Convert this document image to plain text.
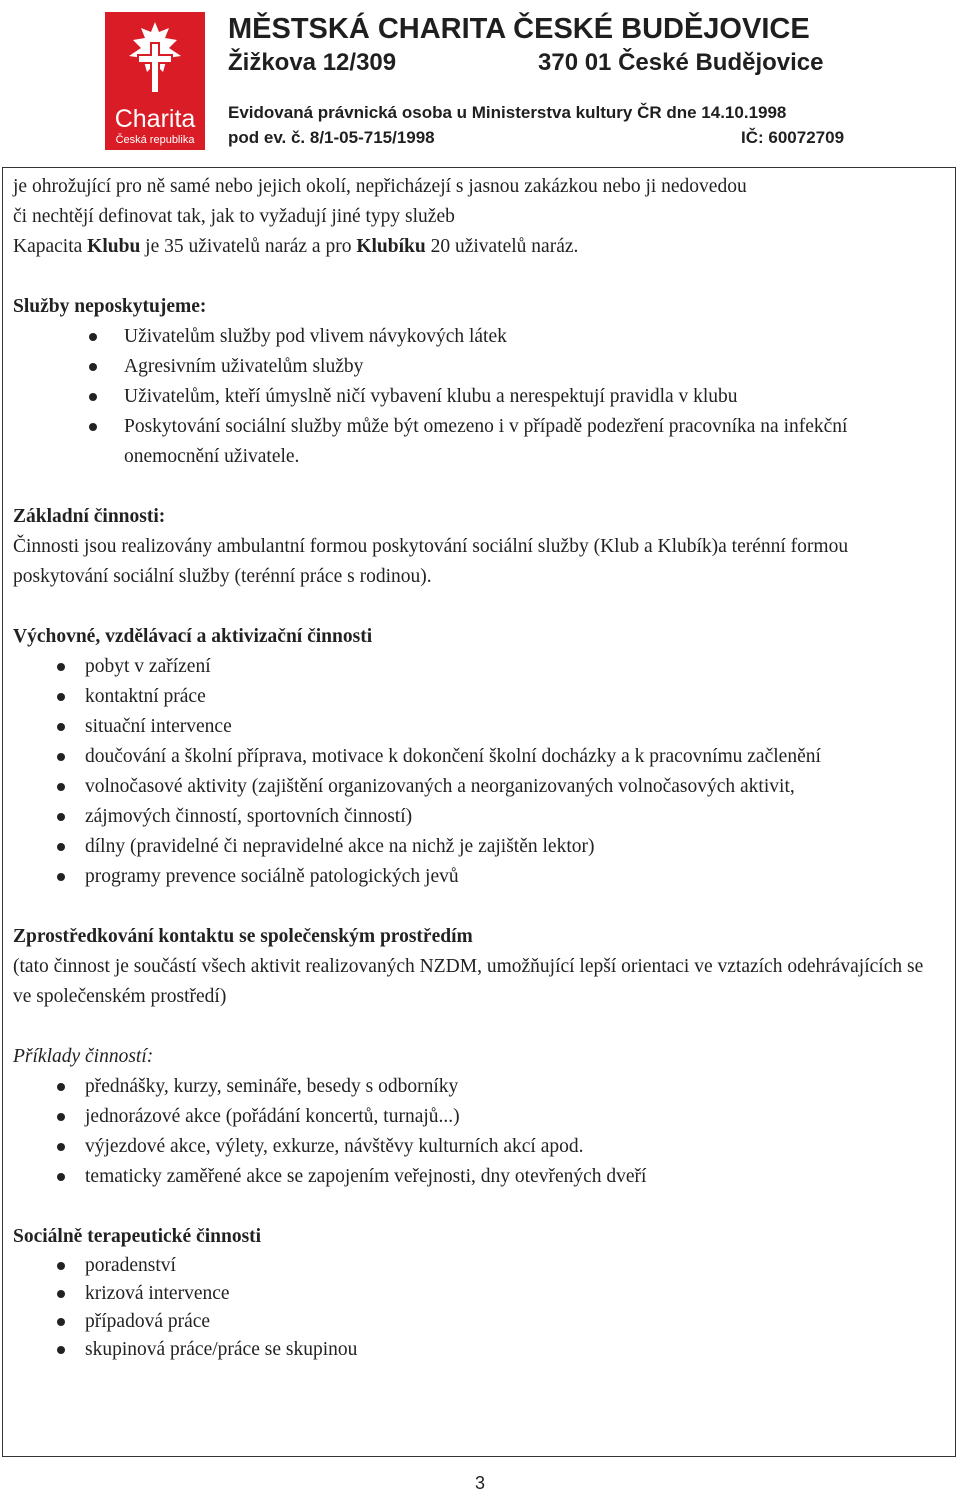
Charita
Česká republika
MĚSTSKÁ CHARITA ČESKÉ BUDĚJOVICE
Žižkova 12/309	370 01 České Budějovice
Evidovaná právnická osoba u Ministerstva kultury ČR dne 14.10.1998
pod ev. č. 8/1-05-715/1998	IČ: 60072709

je ohrožující pro ně samé nebo jejich okolí, nepřicházejí s jasnou zakázkou nebo ji nedovedou

či nechtějí definovat tak, jak to vyžadují jiné typy služeb

Kapacita Klubu je 35 uživatelů naráz a pro Klubíku 20 uživatelů naráz.

Služby neposkytujeme:

Uživatelům služby pod vlivem návykových látek
Agresivním uživatelům služby
Uživatelům, kteří úmyslně ničí vybavení klubu a nerespektují pravidla v klubu
Poskytování sociální služby může být omezeno i v případě podezření pracovníka na infekční onemocnění uživatele.

Základní činnosti:

Činnosti jsou realizovány ambulantní formou poskytování sociální služby (Klub a Klubík)a terénní formou poskytování sociální služby (terénní práce s rodinou).

Výchovné, vzdělávací a aktivizační činnosti

pobyt v zařízení
kontaktní práce
situační intervence
doučování a školní příprava, motivace k dokončení školní docházky a k pracovnímu začlenění
volnočasové aktivity (zajištění organizovaných a neorganizovaných volnočasových aktivit,
zájmových činností, sportovních činností)
dílny (pravidelné či nepravidelné akce na nichž je zajištěn lektor)
programy prevence sociálně patologických jevů

Zprostředkování kontaktu se společenským prostředím

(tato činnost je součástí všech aktivit realizovaných NZDM, umožňující lepší orientaci ve vztazích odehrávajících se ve společenském prostředí)

Příklady činností:

přednášky, kurzy, semináře, besedy s odborníky
jednorázové akce (pořádání koncertů, turnajů...)
výjezdové akce, výlety, exkurze, návštěvy kulturních akcí apod.
tematicky zaměřené akce se zapojením veřejnosti, dny otevřených dveří

Sociálně terapeutické činnosti

poradenství
krizová intervence
případová práce
skupinová práce/práce se skupinou
3
